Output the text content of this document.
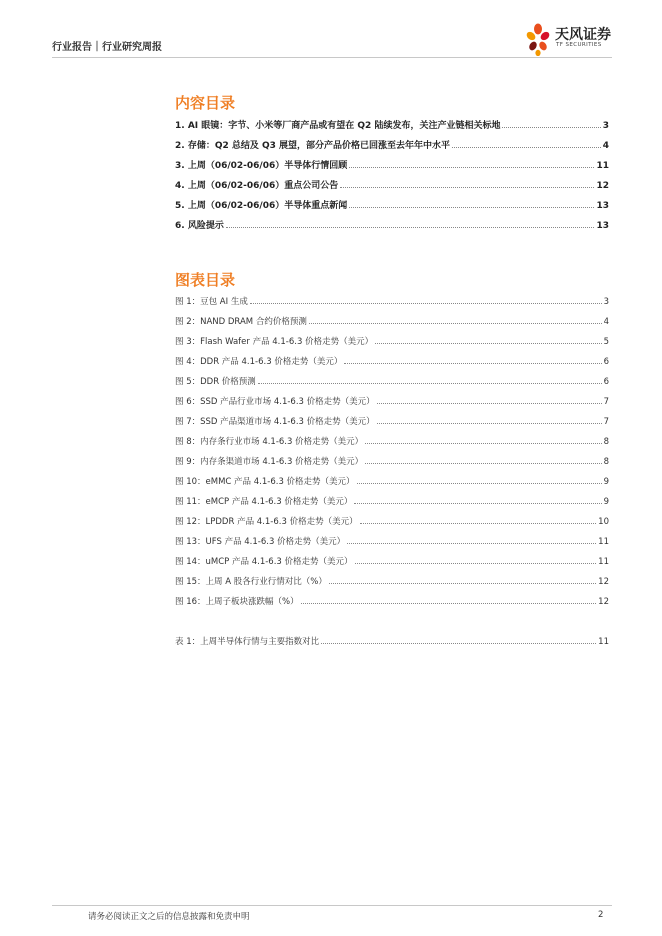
行业报告｜行业研究周报
天风证券
TF SECURITIES
内容目录
1. AI 眼镜：字节、小米等厂商产品或有望在 Q2 陆续发布，关注产业链相关标地	3
2. 存储：Q2 总结及 Q3 展望，部分产品价格已回涨至去年年中水平	4
3. 上周（06/02-06/06）半导体行情回顾	11
4. 上周（06/02-06/06）重点公司公告	12
5. 上周（06/02-06/06）半导体重点新闻	13
6. 风险提示	13
图表目录
图 1：豆包 AI 生成	3
图 2：NAND DRAM 合约价格预测	4
图 3：Flash Wafer 产品 4.1-6.3 价格走势（美元）	5
图 4：DDR 产品 4.1-6.3 价格走势（美元）	6
图 5：DDR 价格预测	6
图 6：SSD 产品行业市场 4.1-6.3 价格走势（美元）	7
图 7：SSD 产品渠道市场 4.1-6.3 价格走势（美元）	7
图 8：内存条行业市场 4.1-6.3 价格走势（美元）	8
图 9：内存条渠道市场 4.1-6.3 价格走势（美元）	8
图 10：eMMC 产品 4.1-6.3 价格走势（美元）	9
图 11：eMCP 产品 4.1-6.3 价格走势（美元）	9
图 12：LPDDR 产品 4.1-6.3 价格走势（美元）	10
图 13：UFS 产品 4.1-6.3 价格走势（美元）	11
图 14：uMCP 产品 4.1-6.3 价格走势（美元）	11
图 15：上周 A 股各行业行情对比（%）	12
图 16：上周子板块涨跌幅（%）	12
表 1：上周半导体行情与主要指数对比	11
请务必阅读正文之后的信息披露和免责申明	2
